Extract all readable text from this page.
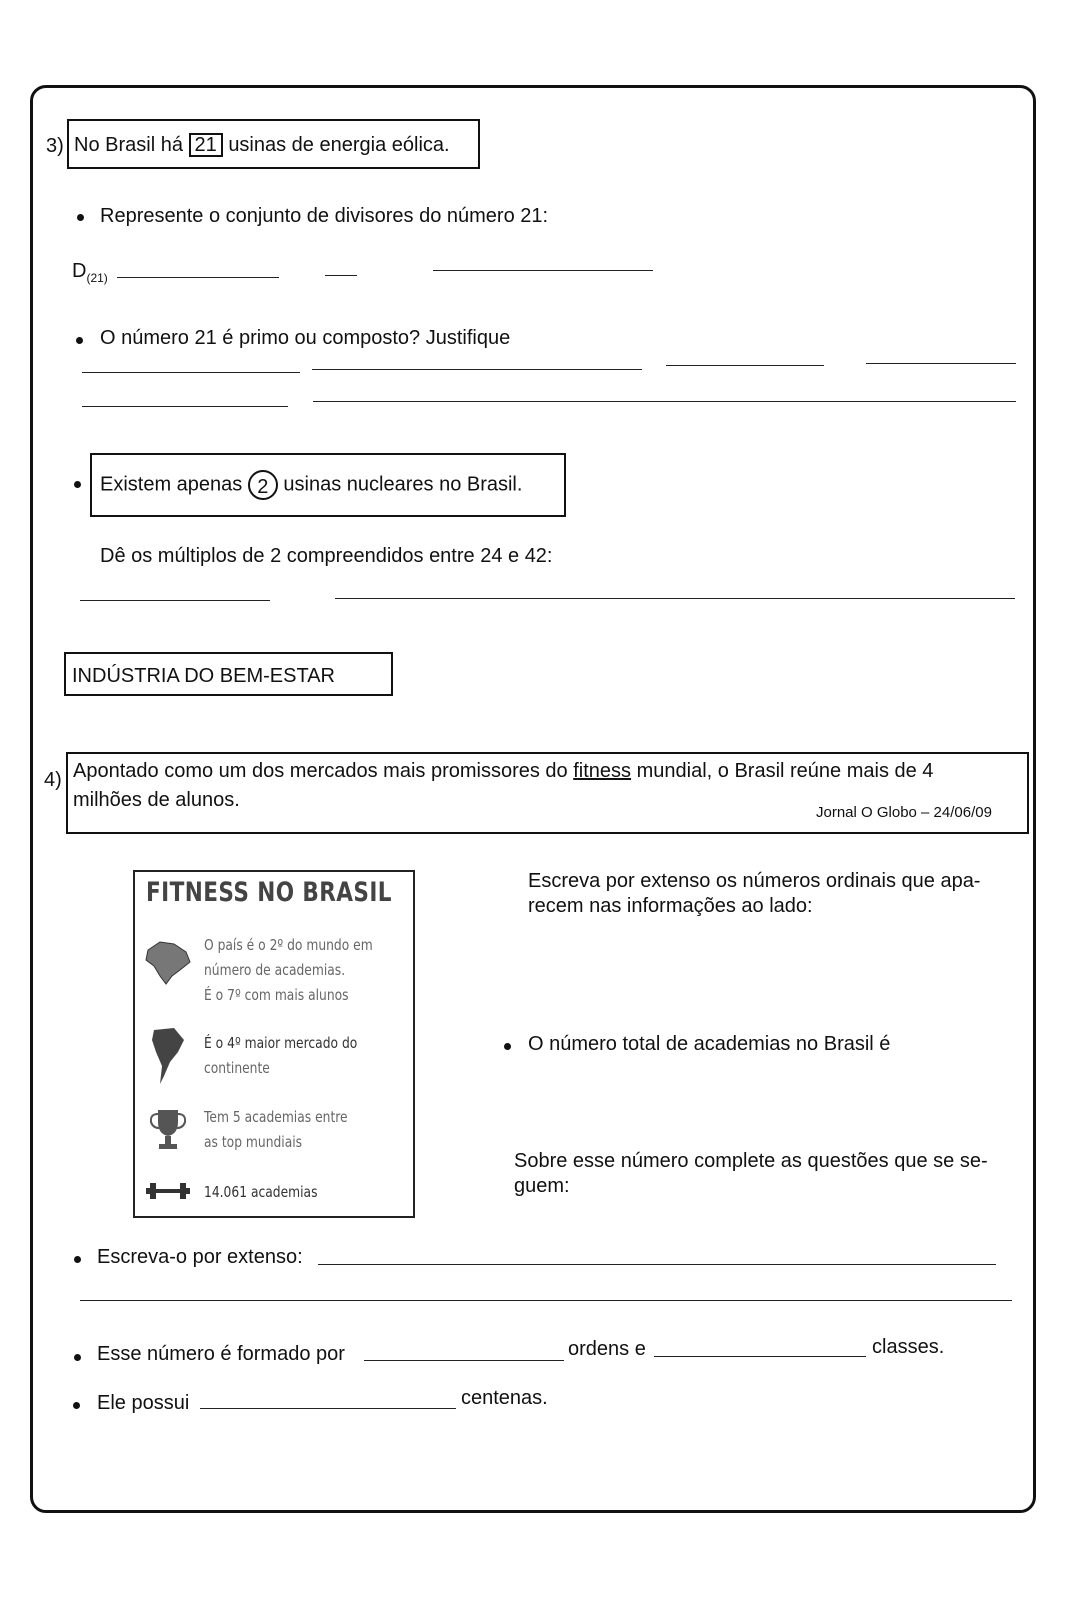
3) No Brasil há 21 usinas de energia eólica.
Represente o conjunto de divisores do número 21:
$D_{(21)}$
O número 21 é primo ou composto? Justifique
Existem apenas 2 usinas nucleares no Brasil.
Dê os múltiplos de 2 compreendidos entre 24 e 42:
INDÚSTRIA DO BEM-ESTAR
4) Apontado como um dos mercados mais promissores do fitness mundial, o Brasil reúne mais de 4
milhões de alunos.
Jornal O Globo – 24/06/09
FITNESS NO BRASIL
O país é o 2º do mundo em
número de academias.
É o 7º com mais alunos
É o 4º maior mercado do
continente
Tem 5 academias entre
as top mundiais
14.061 academias
Escreva por extenso os números ordinais que apa-
recem nas informações ao lado:
O número total de academias no Brasil é
Sobre esse número complete as questões que se se-
guem:
Escreva-o por extenso:
Esse número é formado por	ordens e	classes.
Ele possui	centenas.
